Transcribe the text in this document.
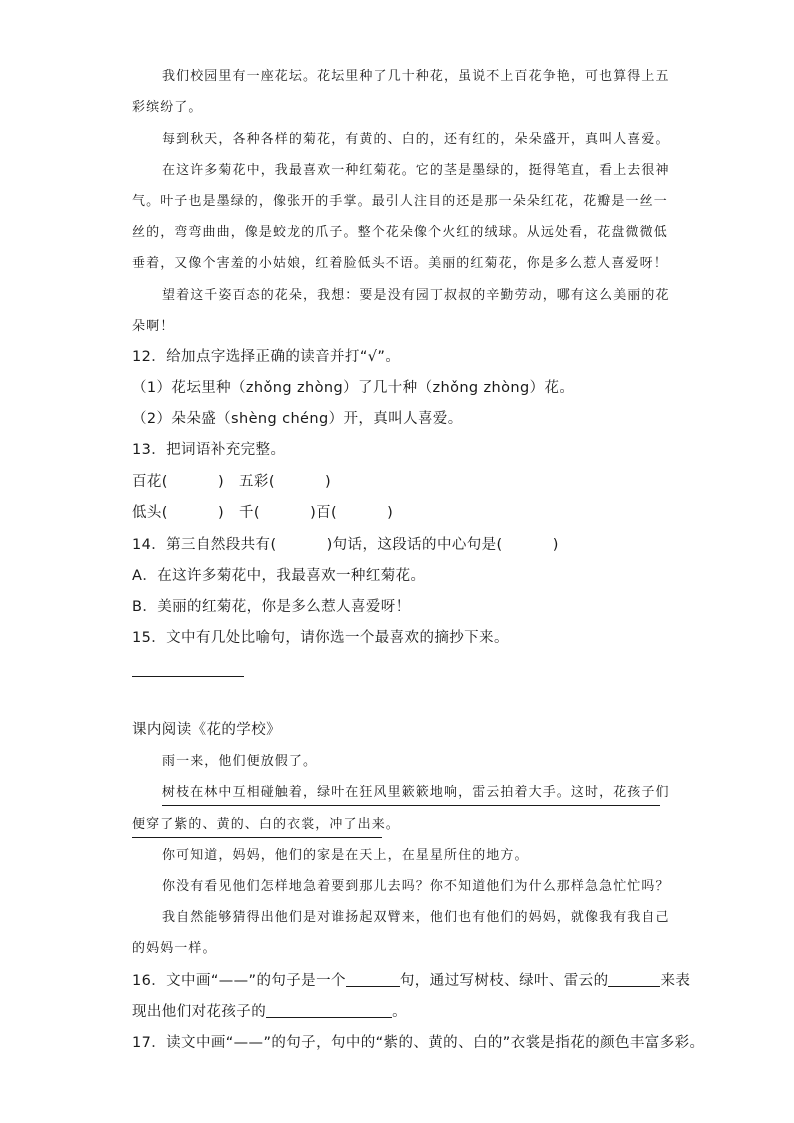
我们校园里有一座花坛。花坛里种了几十种花，虽说不上百花争艳，可也算得上五
彩缤纷了。
每到秋天，各种各样的菊花，有黄的、白的，还有红的，朵朵盛开，真叫人喜爱。
在这许多菊花中，我最喜欢一种红菊花。它的茎是墨绿的，挺得笔直，看上去很神
气。叶子也是墨绿的，像张开的手掌。最引人注目的还是那一朵朵红花，花瓣是一丝一
丝的，弯弯曲曲，像是蛟龙的爪子。整个花朵像个火红的绒球。从远处看，花盘微微低
垂着，又像个害羞的小姑娘，红着脸低头不语。美丽的红菊花，你是多么惹人喜爱呀！
望着这千姿百态的花朵，我想：要是没有园丁叔叔的辛勤劳动，哪有这么美丽的花
朵啊！
12．给加点字选择正确的读音并打“√”。
（1）花坛里种（zhǒng zhòng）了几十种（zhǒng zhòng）花。
（2）朵朵盛（shèng chéng）开，真叫人喜爱。
13．把词语补充完整。
百花(          )   五彩(          )
低头(          )   千(          )百(          )
14．第三自然段共有(          )句话，这段话的中心句是(          )
A．在这许多菊花中，我最喜欢一种红菊花。
B．美丽的红菊花，你是多么惹人喜爱呀！
15．文中有几处比喻句，请你选一个最喜欢的摘抄下来。
课内阅读《花的学校》
雨一来，他们便放假了。
树枝在林中互相碰触着，绿叶在狂风里簌簌地响，雷云拍着大手。这时，花孩子们
便穿了紫的、黄的、白的衣裳，冲了出来。
你可知道，妈妈，他们的家是在天上，在星星所住的地方。
你没有看见他们怎样地急着要到那儿去吗？你不知道他们为什么那样急急忙忙吗？
我自然能够猜得出他们是对谁扬起双臂来，他们也有他们的妈妈，就像我有我自己
的妈妈一样。
16．文中画“——”的句子是一个	句，通过写树枝、绿叶、雷云的	来表
现出他们对花孩子的	。
17．读文中画“——”的句子，句中的“紫的、黄的、白的”衣裳是指花的颜色丰富多彩。
